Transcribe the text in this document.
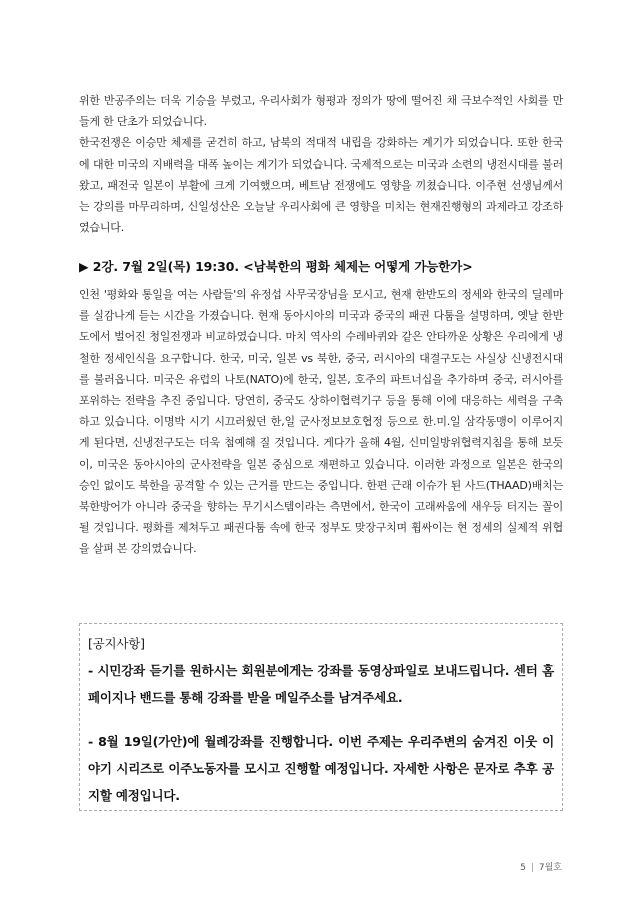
위한 반공주의는 더욱 기승을 부렸고, 우리사회가 형평과 정의가 땅에 떨어진 채 극보수적인 사회를 만들게 한 단초가 되었습니다.

한국전쟁은 이승만 체제를 굳건히 하고, 남북의 적대적 내립을 강화하는 계기가 되었습니다. 또한 한국에 대한 미국의 지배력을 대폭 높이는 계기가 되었습니다. 국제적으로는 미국과 소련의 냉전시대를 불러왔고, 패전국 일본이 부활에 크게 기여했으며, 베트남 전쟁에도 영향을 끼쳤습니다. 이주현 선생님께서는 강의를 마무리하며, 신일성산은 오늘날 우리사회에 큰 영향을 미치는 현재진행형의 과제라고 강조하였습니다.

▶ 2강. 7월 2일(목) 19:30. <남북한의 평화 체제는 어떻게 가능한가>

인천 '평화와 통일을 여는 사람들'의 유정섭 사무국장님을 모시고, 현재 한반도의 정세와 한국의 딜레마를 실감나게 듣는 시간을 가졌습니다. 현재 동아시아의 미국과 중국의 패권 다툼을 설명하며, 옛날 한반도에서 벌어진 청일전쟁과 비교하였습니다. 마치 역사의 수레바퀴와 같은 안타까운 상황은 우리에게 냉철한 정세인식을 요구합니다. 한국, 미국, 일본 vs 북한, 중국, 러시아의 대결구도는 사실상 신냉전시대를 불러옵니다. 미국은 유럽의 나토(NATO)에 한국, 일본, 호주의 파트너십을 추가하며 중국, 러시아를 포위하는 전략을 추진 중입니다. 당연히, 중국도 상하이협력기구 등을 통해 이에 대응하는 세력을 구축하고 있습니다. 이명박 시기 시끄러웠던 한,일 군사정보보호협정 등으로 한.미.일 삼각동맹이 이루어지게 된다면, 신냉전구도는 더욱 첨예해 질 것입니다. 게다가 올해 4월, 신미일방위협력지침을 통해 보듯이, 미국은 동아시아의 군사전략을 일본 중심으로 재편하고 있습니다. 이러한 과정으로 일본은 한국의 승인 없이도 북한을 공격할 수 있는 근거를 만드는 중입니다. 한편 근래 이슈가 된 사드(THAAD)배치는 북한방어가 아니라 중국을 향하는 무기시스템이라는 측면에서, 한국이 고래싸움에 새우등 터지는 꼴이 될 것입니다. 평화를 제쳐두고 패권다툼 속에 한국 정부도 맞장구치며 휩싸이는 현 정세의 실제적 위협을 살펴 본 강의였습니다.

[공지사항]

- 시민강좌 듣기를 원하시는 회원분에게는 강좌를 동영상파일로 보내드립니다. 센터 홈페이지나 밴드를 통해 강좌를 받을 메일주소를 남겨주세요.

- 8월 19일(가안)에 월례강좌를 진행합니다. 이번 주제는 우리주변의 숨겨진 이웃 이야기 시리즈로 이주노동자를 모시고 진행할 예정입니다. 자세한 사항은 문자로 추후 공지할 예정입니다.

5 | 7월호
